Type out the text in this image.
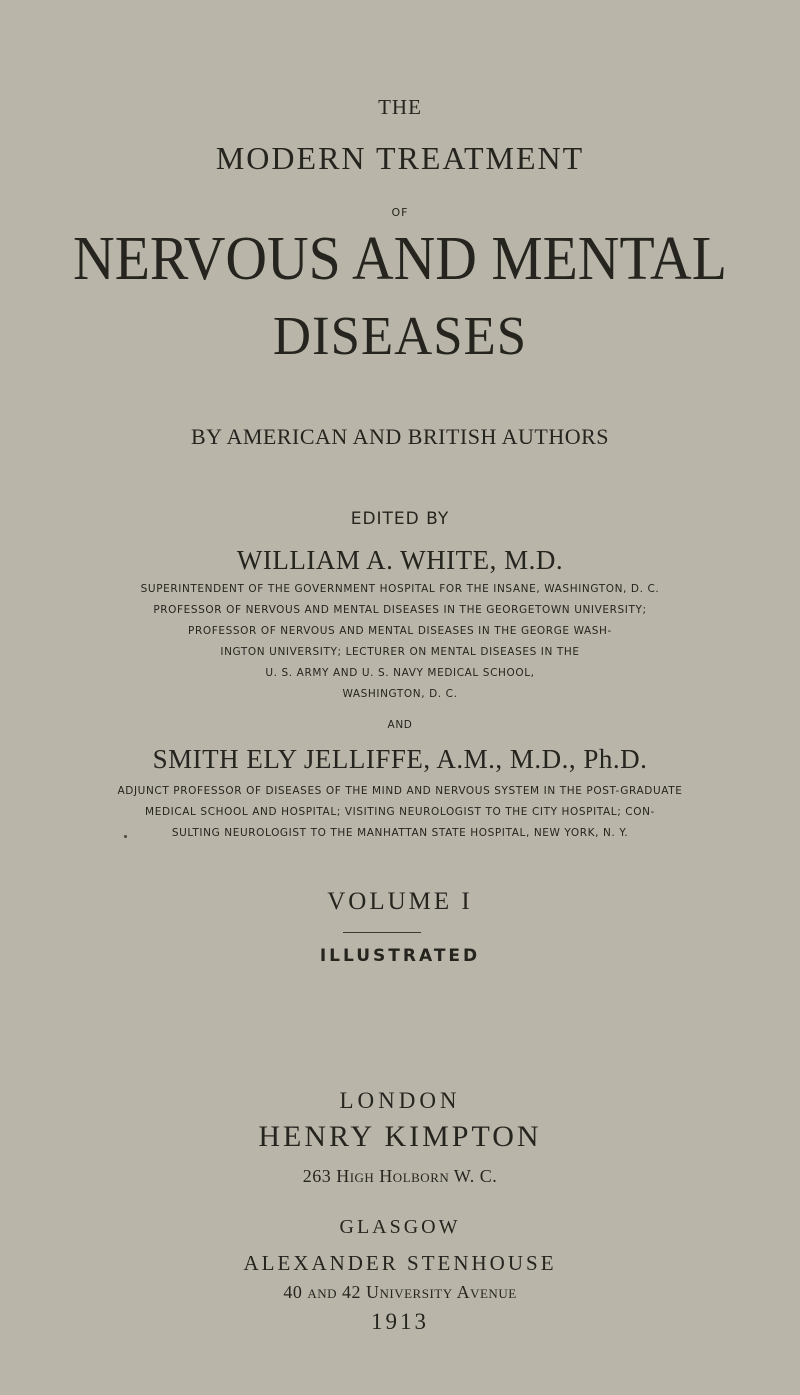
THE
MODERN TREATMENT
OF
NERVOUS AND MENTAL
DISEASES
BY AMERICAN AND BRITISH AUTHORS
EDITED BY
WILLIAM A. WHITE, M.D.
SUPERINTENDENT OF THE GOVERNMENT HOSPITAL FOR THE INSANE, WASHINGTON, D. C.
PROFESSOR OF NERVOUS AND MENTAL DISEASES IN THE GEORGETOWN UNIVERSITY;
PROFESSOR OF NERVOUS AND MENTAL DISEASES IN THE GEORGE WASH-
INGTON UNIVERSITY; LECTURER ON MENTAL DISEASES IN THE
U. S. ARMY AND U. S. NAVY MEDICAL SCHOOL,
WASHINGTON, D. C.
AND
SMITH ELY JELLIFFE, A.M., M.D., Ph.D.
ADJUNCT PROFESSOR OF DISEASES OF THE MIND AND NERVOUS SYSTEM IN THE POST-GRADUATE
MEDICAL SCHOOL AND HOSPITAL; VISITING NEUROLOGIST TO THE CITY HOSPITAL; CON-
SULTING NEUROLOGIST TO THE MANHATTAN STATE HOSPITAL, NEW YORK, N. Y.
VOLUME I
ILLUSTRATED
LONDON
HENRY KIMPTON
263 High Holborn W. C.
GLASGOW
ALEXANDER STENHOUSE
40 and 42 University Avenue
1913
